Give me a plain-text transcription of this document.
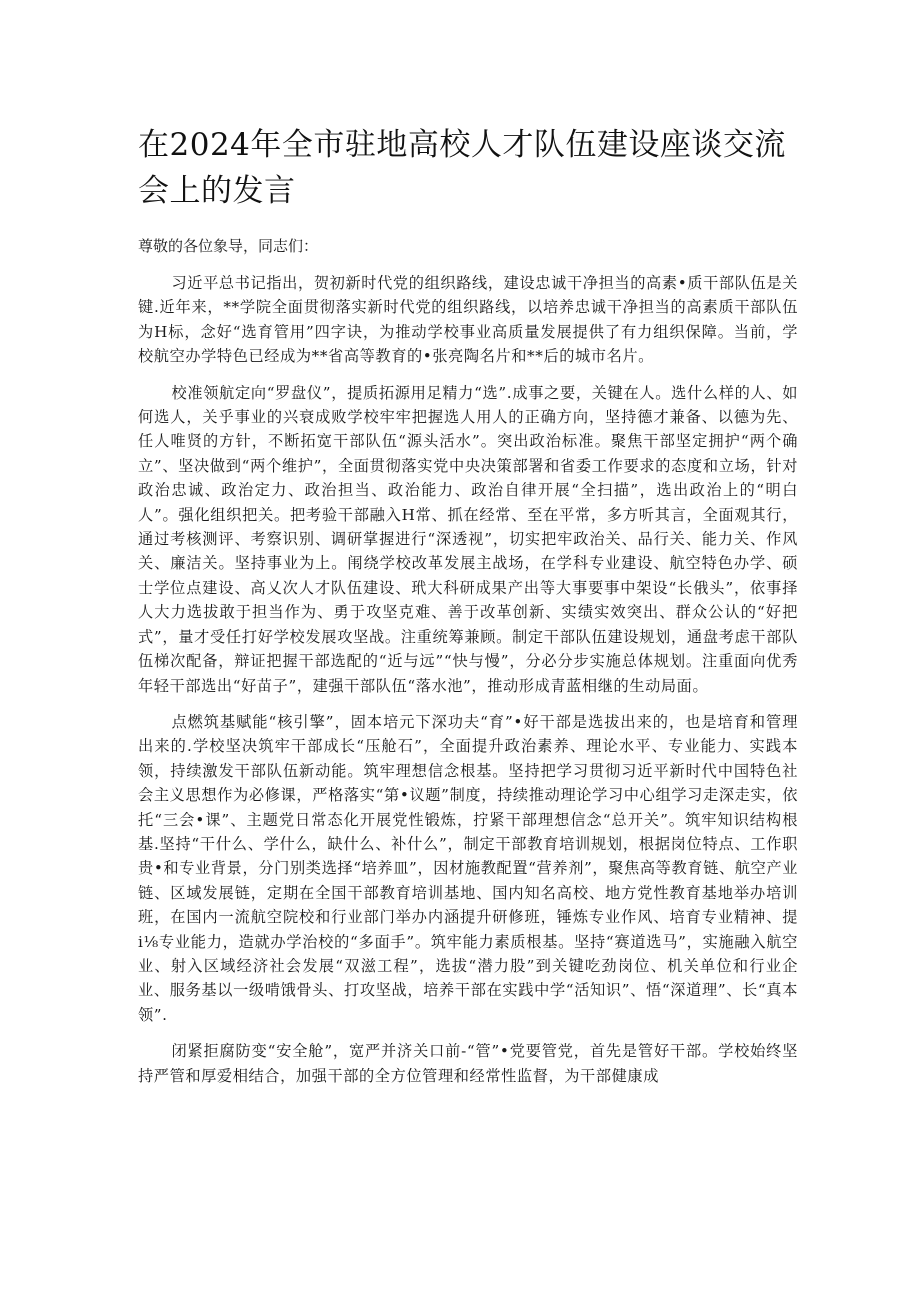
在2024年全市驻地高校人才队伍建设座谈交流会上的发言

尊敬的各位象导，同志们：

习近平总书记指出，贺初新时代党的组织路线，建设忠诚干净担当的高素•质干部队伍是关键.近年来，**学院全面贯彻落实新时代党的组织路线，以培养忠诚干净担当的高素质干部队伍为H标，念好“选育管用”四字诀，为推动学校事业高质量发展提供了有力组织保障。当前，学校航空办学特色已经成为**省高等教育的•张亮陶名片和**后的城市名片。

校准领航定向“罗盘仪”，提质拓源用足精力“选”.成事之要，关键在人。选什么样的人、如何选人，关乎事业的兴衰成败学校牢牢把握选人用人的正确方向，坚持德才兼备、以德为先、任人唯贤的方针，不断拓宽干部队伍“源头活水”。突出政治标准。聚焦干部坚定拥护“两个确立”、坚决做到“两个维护”，全面贯彻落实党中央决策部署和省委工作要求的态度和立场，针对政治忠诚、政治定力、政治担当、政治能力、政治自律开展“全扫描”，选出政治上的“明白人”。强化组织把关。把考验干部融入H常、抓在经常、至在平常，多方听其言，全面观其行，通过考核测评、考察识别、调研掌握进行“深透视”，切实把牢政治关、品行关、能力关、作风关、廉洁关。坚持事业为上。闱绕学校改革发展主战场，在学科专业建设、航空特色办学、硕士学位点建设、高乂次人才队伍建设、玳大科研成果产出等大事要事中架设“长俄头”，依事择人大力选拔敢于担当作为、勇于攻坚克难、善于改革创新、实绩实效突出、群众公认的“好把式”，量才受任打好学校发展攻坚战。注重统筹兼顾。制定干部队伍建设规划，通盘考虑干部队伍梯次配备，辩证把握干部选配的“近与远”“快与慢”，分必分步实施总体规划。注重面向优秀年轻干部选出“好苗子”，建强干部队伍“落水池”，推动形成青蓝相继的生动局面。

点燃筑基赋能“核引擎”，固本培元下深功夫“育”•好干部是选拔出来的，也是培育和管理出来的.学校坚决筑牢干部成长“压舱石”，全面提升政治素养、理论水平、专业能力、实践本领，持续激发干部队伍新动能。筑牢理想信念根基。坚持把学习贯彻习近平新时代中国特色社会主义思想作为必修课，严格落实“第•议题”制度，持续推动理论学习中心组学习走深走实，依托“三会•课”、主题党日常态化开展党性锻炼，拧紧干部理想信念“总开关”。筑牢知识结构根基.坚持“干什么、学什么，缺什么、补什么”，制定干部教育培训规划，根据岗位特点、工作职贵•和专业背景，分门别类选择“培养皿”，因材施教配置“营养剂”，聚焦高等教育链、航空产业链、区域发展链，定期在全国干部教育培训基地、国内知名高校、地方党性教育基地举办培训班，在国内一流航空院校和行业部门举办内涵提升研修班，锤炼专业作风、培育专业精神、提i⅛专业能力，造就办学治校的“多面手”。筑牢能力素质根基。坚持“赛道选马”，实施融入航空业、射入区域经济社会发展“双滋工程”，选拔“潜力股”到关键吃劲岗位、机关单位和行业企业、服务基以一级啃饿骨头、打攻坚战，培养干部在实践中学“活知识”、悟“深道理”、长“真本领”.

闭紧拒腐防变“安全舱”，宽严并济关口前-“管”•党要管党，首先是管好干部。学校始终坚持严管和厚爱相结合，加强干部的全方位管理和经常性监督，为干部健康成
